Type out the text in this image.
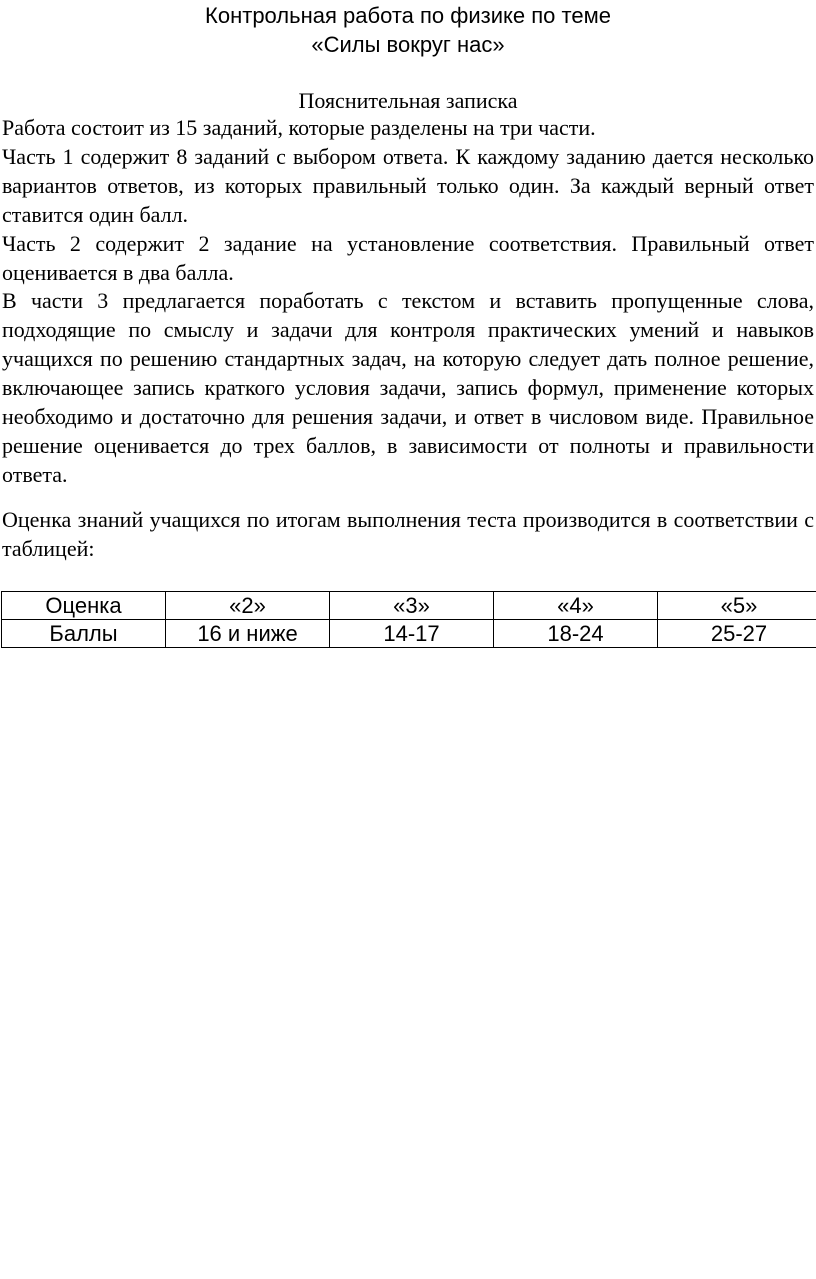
Контрольная работа по физике по теме
«Силы вокруг нас»
Пояснительная записка

Работа состоит из 15 заданий, которые разделены на три части.

Часть 1 содержит 8 заданий с выбором ответа. К каждому заданию дается несколько вариантов ответов, из которых правильный только один. За каждый верный ответ ставится один балл.

Часть 2 содержит 2 задание на установление соответствия. Правильный ответ оценивается в два балла.

В части 3 предлагается поработать с текстом и вставить пропущенные слова, подходящие по смыслу и задачи для контроля практических умений и навыков учащихся по решению стандартных задач, на которую следует дать полное решение, включающее запись краткого условия задачи, запись формул, применение которых необходимо и достаточно для решения задачи, и ответ в числовом виде. Правильное решение оценивается до трех баллов, в зависимости от полноты и правильности ответа.

Оценка знаний учащихся по итогам выполнения теста производится в соответствии с таблицей:

Оценка	«2»	«3»	«4»	«5»
Баллы	16 и ниже	14-17	18-24	25-27
